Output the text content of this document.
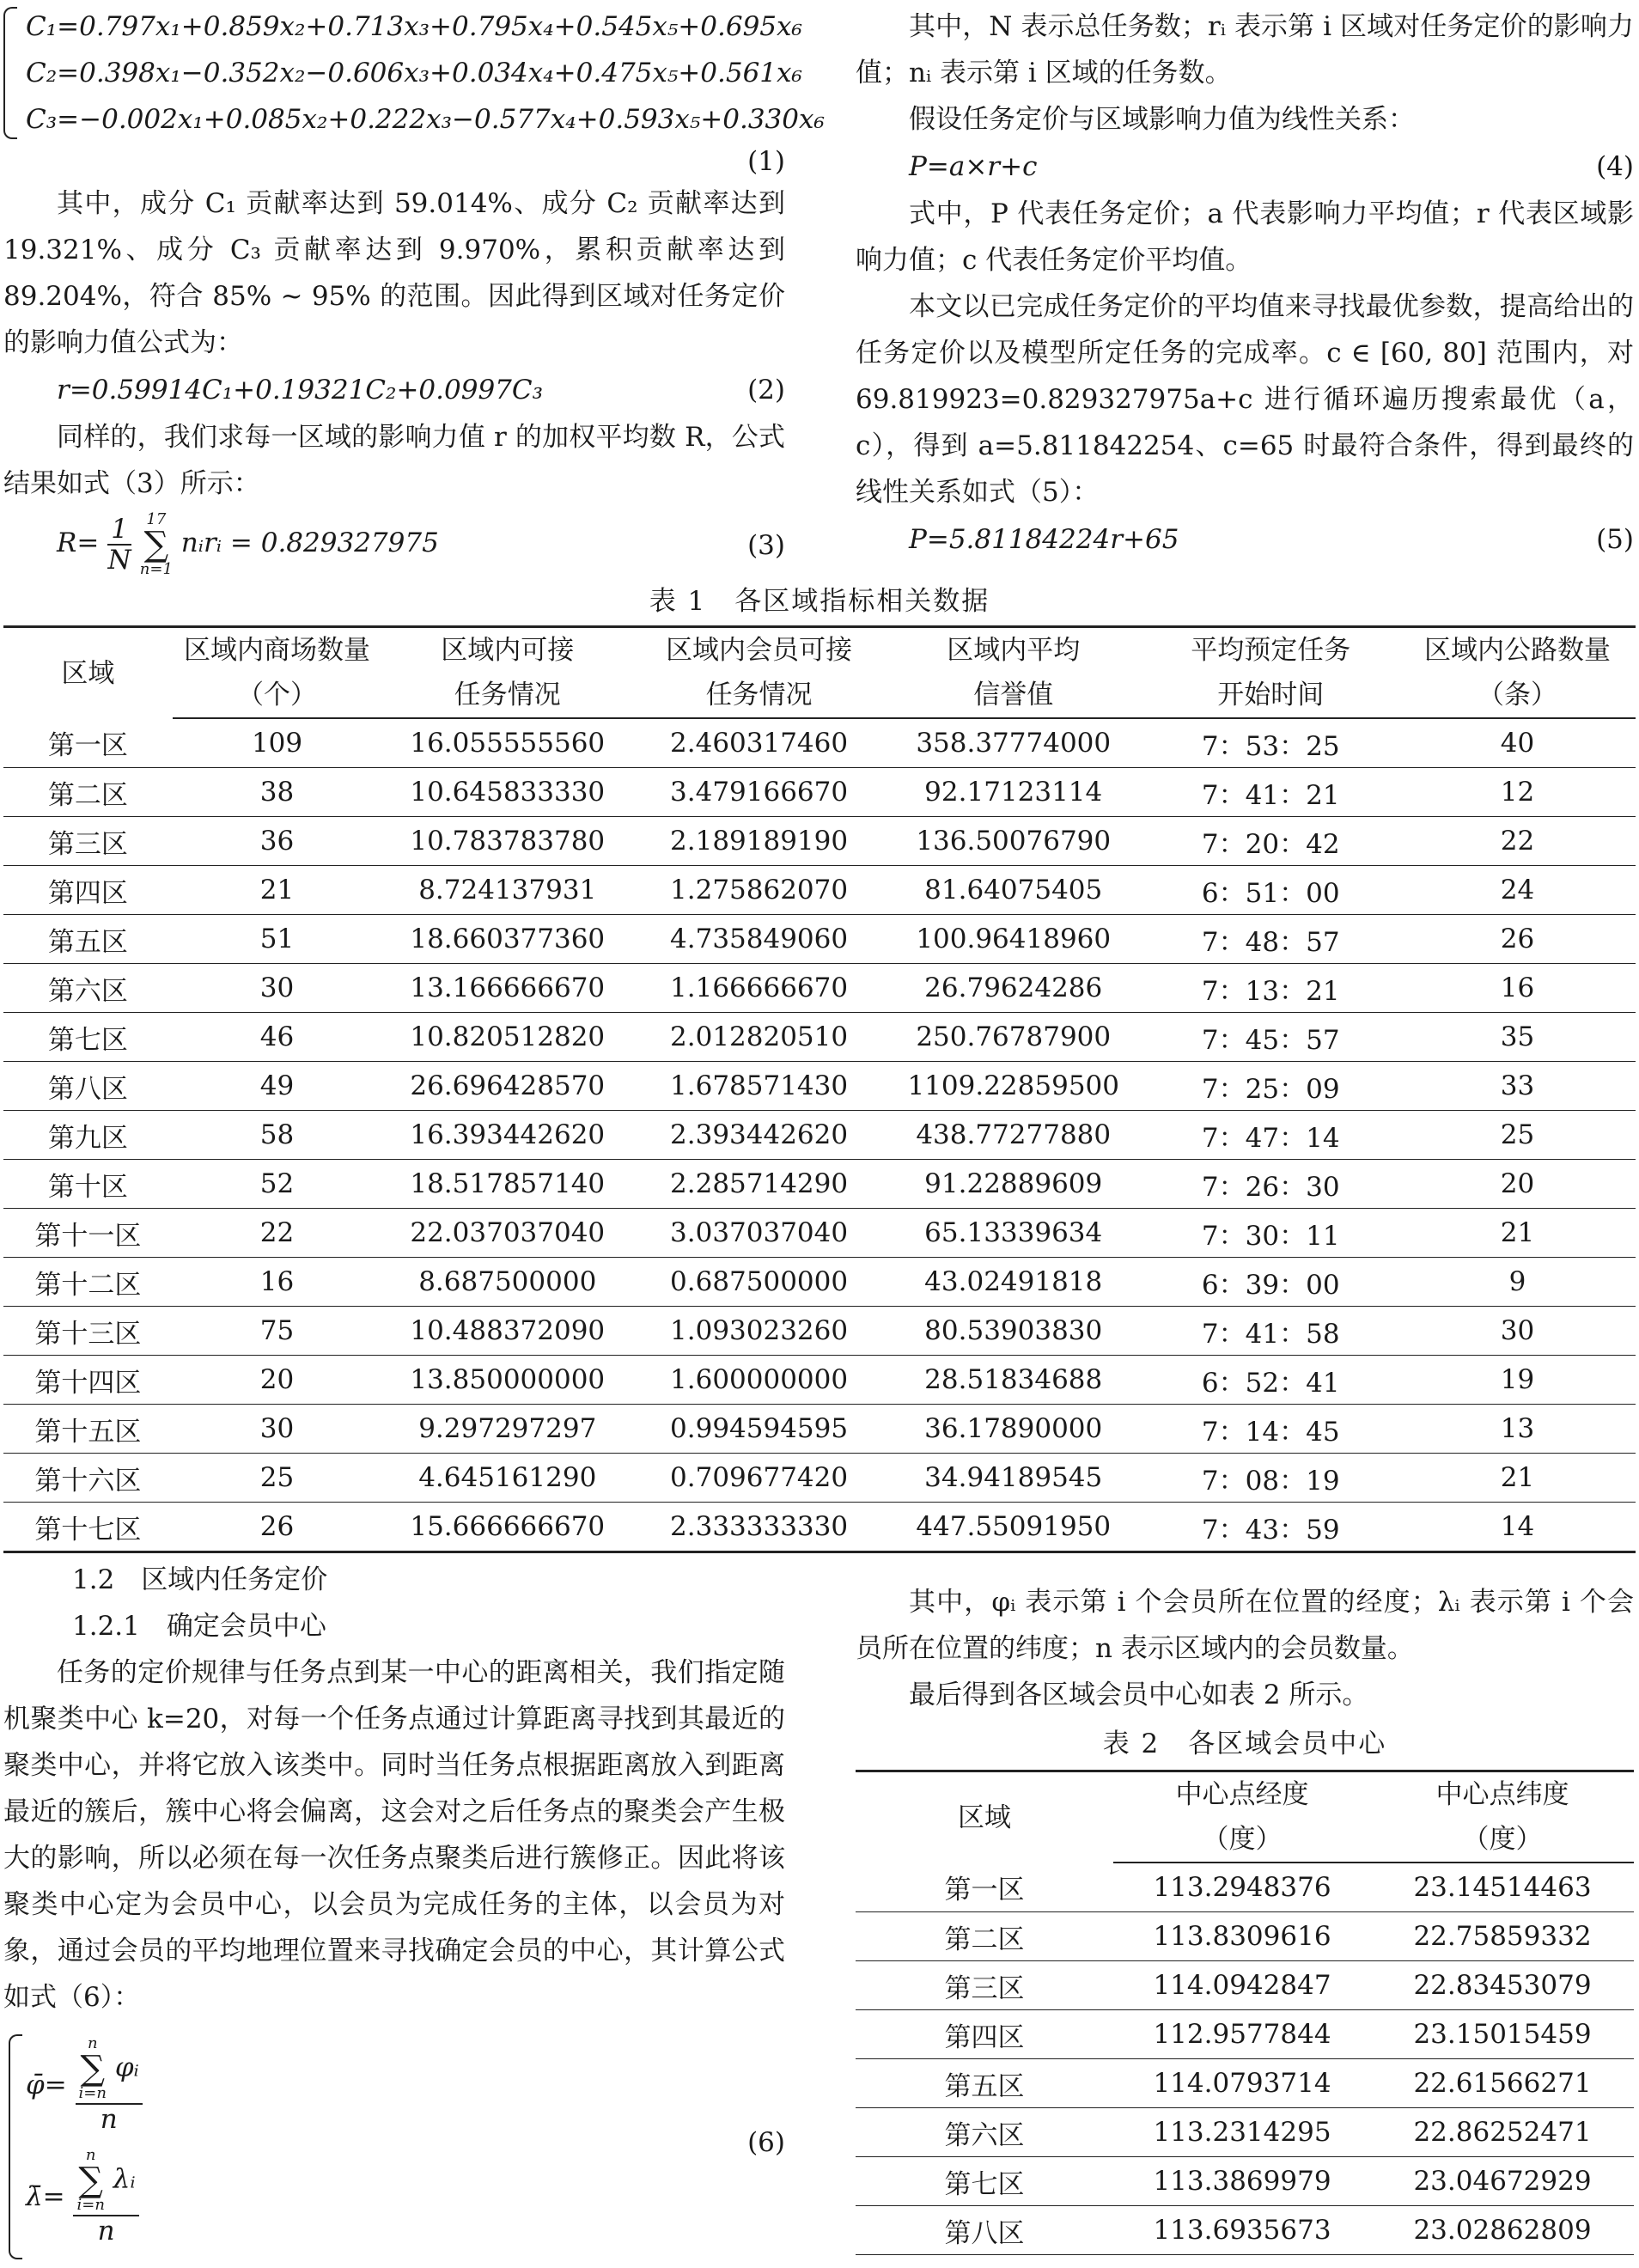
C₁=0.797x₁+0.859x₂+0.713x₃+0.795x₄+0.545x₅+0.695x₆
C₂=0.398x₁−0.352x₂−0.606x₃+0.034x₄+0.475x₅+0.561x₆
C₃=−0.002x₁+0.085x₂+0.222x₃−0.577x₄+0.593x₅+0.330x₆
(1)

其中，成分 C₁ 贡献率达到 59.014%、成分 C₂ 贡献率达到 19.321%、成分 C₃ 贡献率达到 9.970%，累积贡献率达到 89.204%，符合 85% ~ 95% 的范围。因此得到区域对任务定价的影响力值公式为：

r=0.59914C₁+0.19321C₂+0.0997C₃	(2)

同样的，我们求每一区域的影响力值 r 的加权平均数 R，公式结果如式（3）所示：

$R= \frac{1}{N}$
17
∑
n=1
nᵢrᵢ = 0.829327975	(3)

其中，N 表示总任务数；rᵢ 表示第 i 区域对任务定价的影响力值；nᵢ 表示第 i 区域的任务数。

假设任务定价与区域影响力值为线性关系：

P=a×r+c	(4)

式中，P 代表任务定价；a 代表影响力平均值；r 代表区域影响力值；c 代表任务定价平均值。

本文以已完成任务定价的平均值来寻找最优参数，提高给出的任务定价以及模型所定任务的完成率。c ∈ [60, 80] 范围内，对 69.819923=0.829327975a+c 进行循环遍历搜索最优（a，c），得到 a=5.811842254、c=65 时最符合条件，得到最终的线性关系如式（5）：

P=5.81184224r+65	(5)
表 1　各区域指标相关数据
区域	区域内商场数量	区域内可接	区域内会员可接	区域内平均	平均预定任务	区域内公路数量
	（个）	任务情况	任务情况	信誉值	开始时间	（条）
第一区	109	16.055555560	2.460317460	358.37774000	7：53：25	40
第二区	38	10.645833330	3.479166670	92.17123114	7：41：21	12
第三区	36	10.783783780	2.189189190	136.50076790	7：20：42	22
第四区	21	8.724137931	1.275862070	81.64075405	6：51：00	24
第五区	51	18.660377360	4.735849060	100.96418960	7：48：57	26
第六区	30	13.166666670	1.166666670	26.79624286	7：13：21	16
第七区	46	10.820512820	2.012820510	250.76787900	7：45：57	35
第八区	49	26.696428570	1.678571430	1109.22859500	7：25：09	33
第九区	58	16.393442620	2.393442620	438.77277880	7：47：14	25
第十区	52	18.517857140	2.285714290	91.22889609	7：26：30	20
第十一区	22	22.037037040	3.037037040	65.13339634	7：30：11	21
第十二区	16	8.687500000	0.687500000	43.02491818	6：39：00	9
第十三区	75	10.488372090	1.093023260	80.53903830	7：41：58	30
第十四区	20	13.850000000	1.600000000	28.51834688	6：52：41	19
第十五区	30	9.297297297	0.994594595	36.17890000	7：14：45	13
第十六区	25	4.645161290	0.709677420	34.94189545	7：08：19	21
第十七区	26	15.666666670	2.333333330	447.55091950	7：43：59	14

1.2　区域内任务定价

1.2.1　确定会员中心

任务的定价规律与任务点到某一中心的距离相关，我们指定随机聚类中心 k=20，对每一个任务点通过计算距离寻找到其最近的聚类中心，并将它放入该类中。同时当任务点根据距离放入到距离最近的簇后，簇中心将会偏离，这会对之后任务点的聚类会产生极大的影响，所以必须在每一次任务点聚类后进行簇修正。因此将该聚类中心定为会员中心，以会员为完成任务的主体，以会员为对象，通过会员的平均地理位置来寻找确定会员的中心，其计算公式如式（6）：

φ̄=
n
∑
i=n
φᵢ
n
λ̄=
n
∑
i=n
λᵢ
n
(6)

其中，φᵢ 表示第 i 个会员所在位置的经度；λᵢ 表示第 i 个会员所在位置的纬度；n 表示区域内的会员数量。

最后得到各区域会员中心如表 2 所示。

表 2　各区域会员中心
区域	中心点经度	中心点纬度
	（度）	（度）
第一区	113.2948376	23.14514463
第二区	113.8309616	22.75859332
第三区	114.0942847	22.83453079
第四区	112.9577844	23.15015459
第五区	114.0793714	22.61566271
第六区	113.2314295	22.86252471
第七区	113.3869979	23.04672929
第八区	113.6935673	23.02862809
